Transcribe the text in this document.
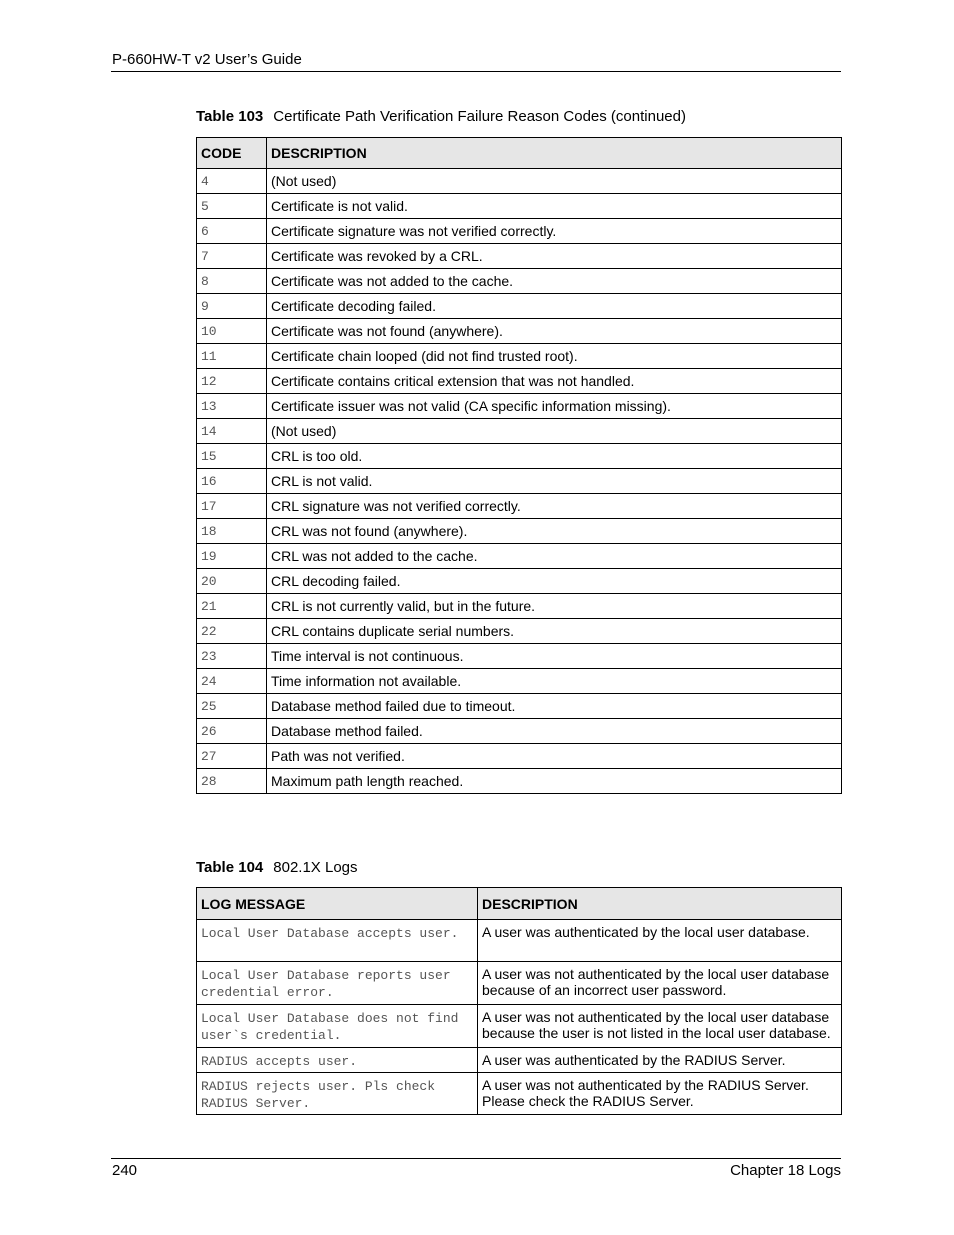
P-660HW-T v2 User’s Guide
Table 103 Certificate Path Verification Failure Reason Codes (continued)
CODE	DESCRIPTION
4	(Not used)
5	Certificate is not valid.
6	Certificate signature was not verified correctly.
7	Certificate was revoked by a CRL.
8	Certificate was not added to the cache.
9	Certificate decoding failed.
10	Certificate was not found (anywhere).
11	Certificate chain looped (did not find trusted root).
12	Certificate contains critical extension that was not handled.
13	Certificate issuer was not valid (CA specific information missing).
14	(Not used)
15	CRL is too old.
16	CRL is not valid.
17	CRL signature was not verified correctly.
18	CRL was not found (anywhere).
19	CRL was not added to the cache.
20	CRL decoding failed.
21	CRL is not currently valid, but in the future.
22	CRL contains duplicate serial numbers.
23	Time interval is not continuous.
24	Time information not available.
25	Database method failed due to timeout.
26	Database method failed.
27	Path was not verified.
28	Maximum path length reached.
Table 104 802.1X Logs
LOG MESSAGE	DESCRIPTION
Local User Database accepts user.	A user was authenticated by the local user database.
Local User Database reports user credential error.	A user was not authenticated by the local user database because of an incorrect user password.
Local User Database does not find user`s credential.	A user was not authenticated by the local user database because the user is not listed in the local user database.
RADIUS accepts user.	A user was authenticated by the RADIUS Server.
RADIUS rejects user. Pls check RADIUS Server.	A user was not authenticated by the RADIUS Server. Please check the RADIUS Server.
240	Chapter 18 Logs
